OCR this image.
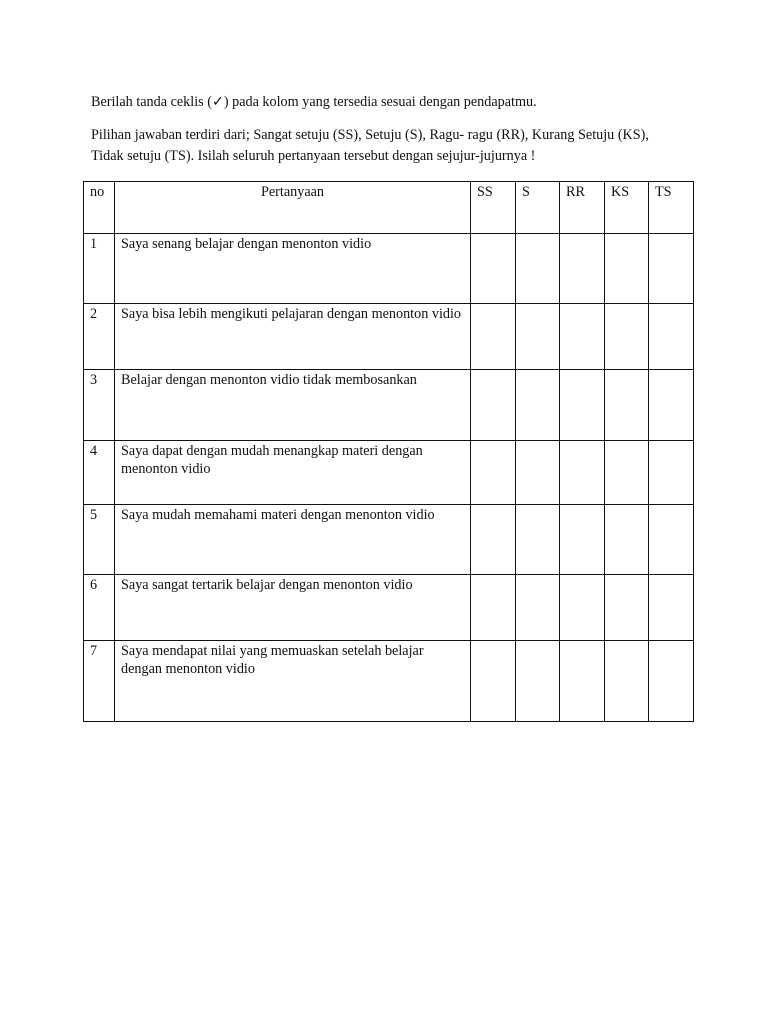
Berilah tanda ceklis (✓) pada kolom yang tersedia sesuai dengan pendapatmu.

Pilihan jawaban terdiri dari; Sangat setuju (SS), Setuju (S), Ragu- ragu (RR), Kurang Setuju (KS), Tidak setuju (TS). Isilah seluruh pertanyaan tersebut dengan sejujur-jujurnya !

no	Pertanyaan	SS	S	RR	KS	TS
1	Saya senang belajar dengan menonton vidio					
2	Saya bisa lebih mengikuti pelajaran dengan menonton vidio					
3	Belajar dengan menonton vidio tidak membosankan					
4	Saya dapat dengan mudah menangkap materi dengan menonton vidio					
5	Saya mudah memahami materi dengan menonton vidio					
6	Saya sangat tertarik belajar dengan menonton vidio					
7	Saya mendapat nilai yang memuaskan setelah belajar dengan menonton vidio					
